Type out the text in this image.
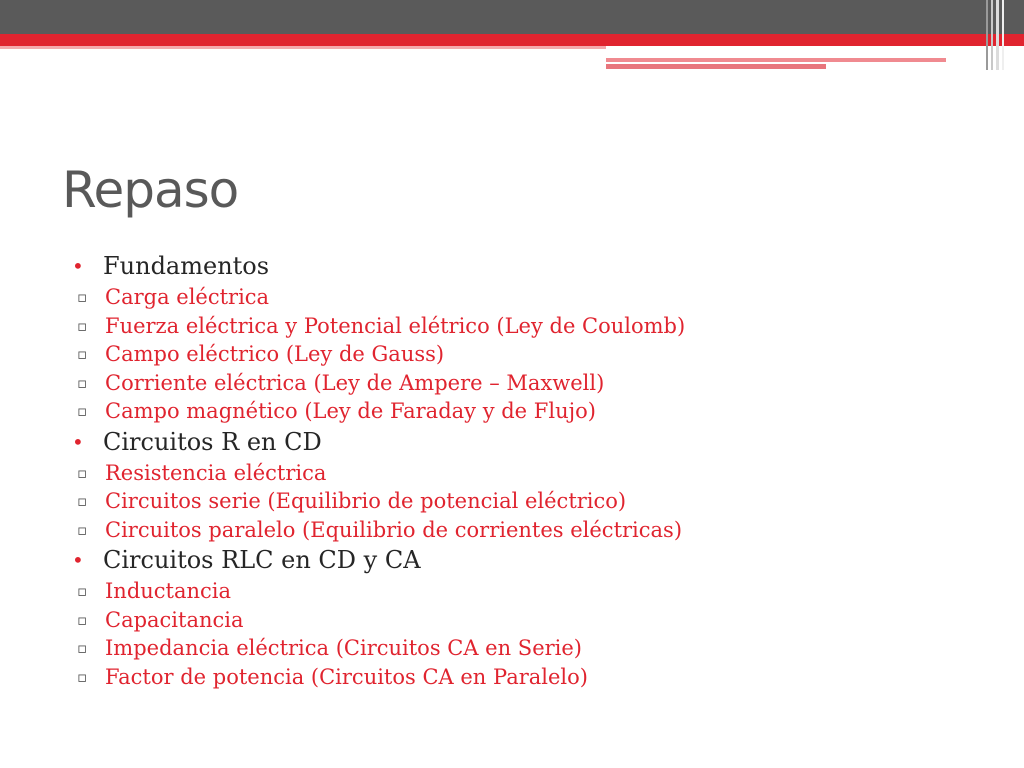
Repaso
• Fundamentos
▫ Carga eléctrica
▫ Fuerza eléctrica y Potencial elétrico (Ley de Coulomb)
▫ Campo eléctrico (Ley de Gauss)
▫ Corriente eléctrica (Ley de Ampere – Maxwell)
▫ Campo magnético (Ley de Faraday y de Flujo)
• Circuitos R en CD
▫ Resistencia eléctrica
▫ Circuitos serie (Equilibrio de potencial eléctrico)
▫ Circuitos paralelo (Equilibrio de corrientes eléctricas)
• Circuitos RLC en CD y CA
▫ Inductancia
▫ Capacitancia
▫ Impedancia eléctrica (Circuitos CA en Serie)
▫ Factor de potencia (Circuitos CA en Paralelo)
